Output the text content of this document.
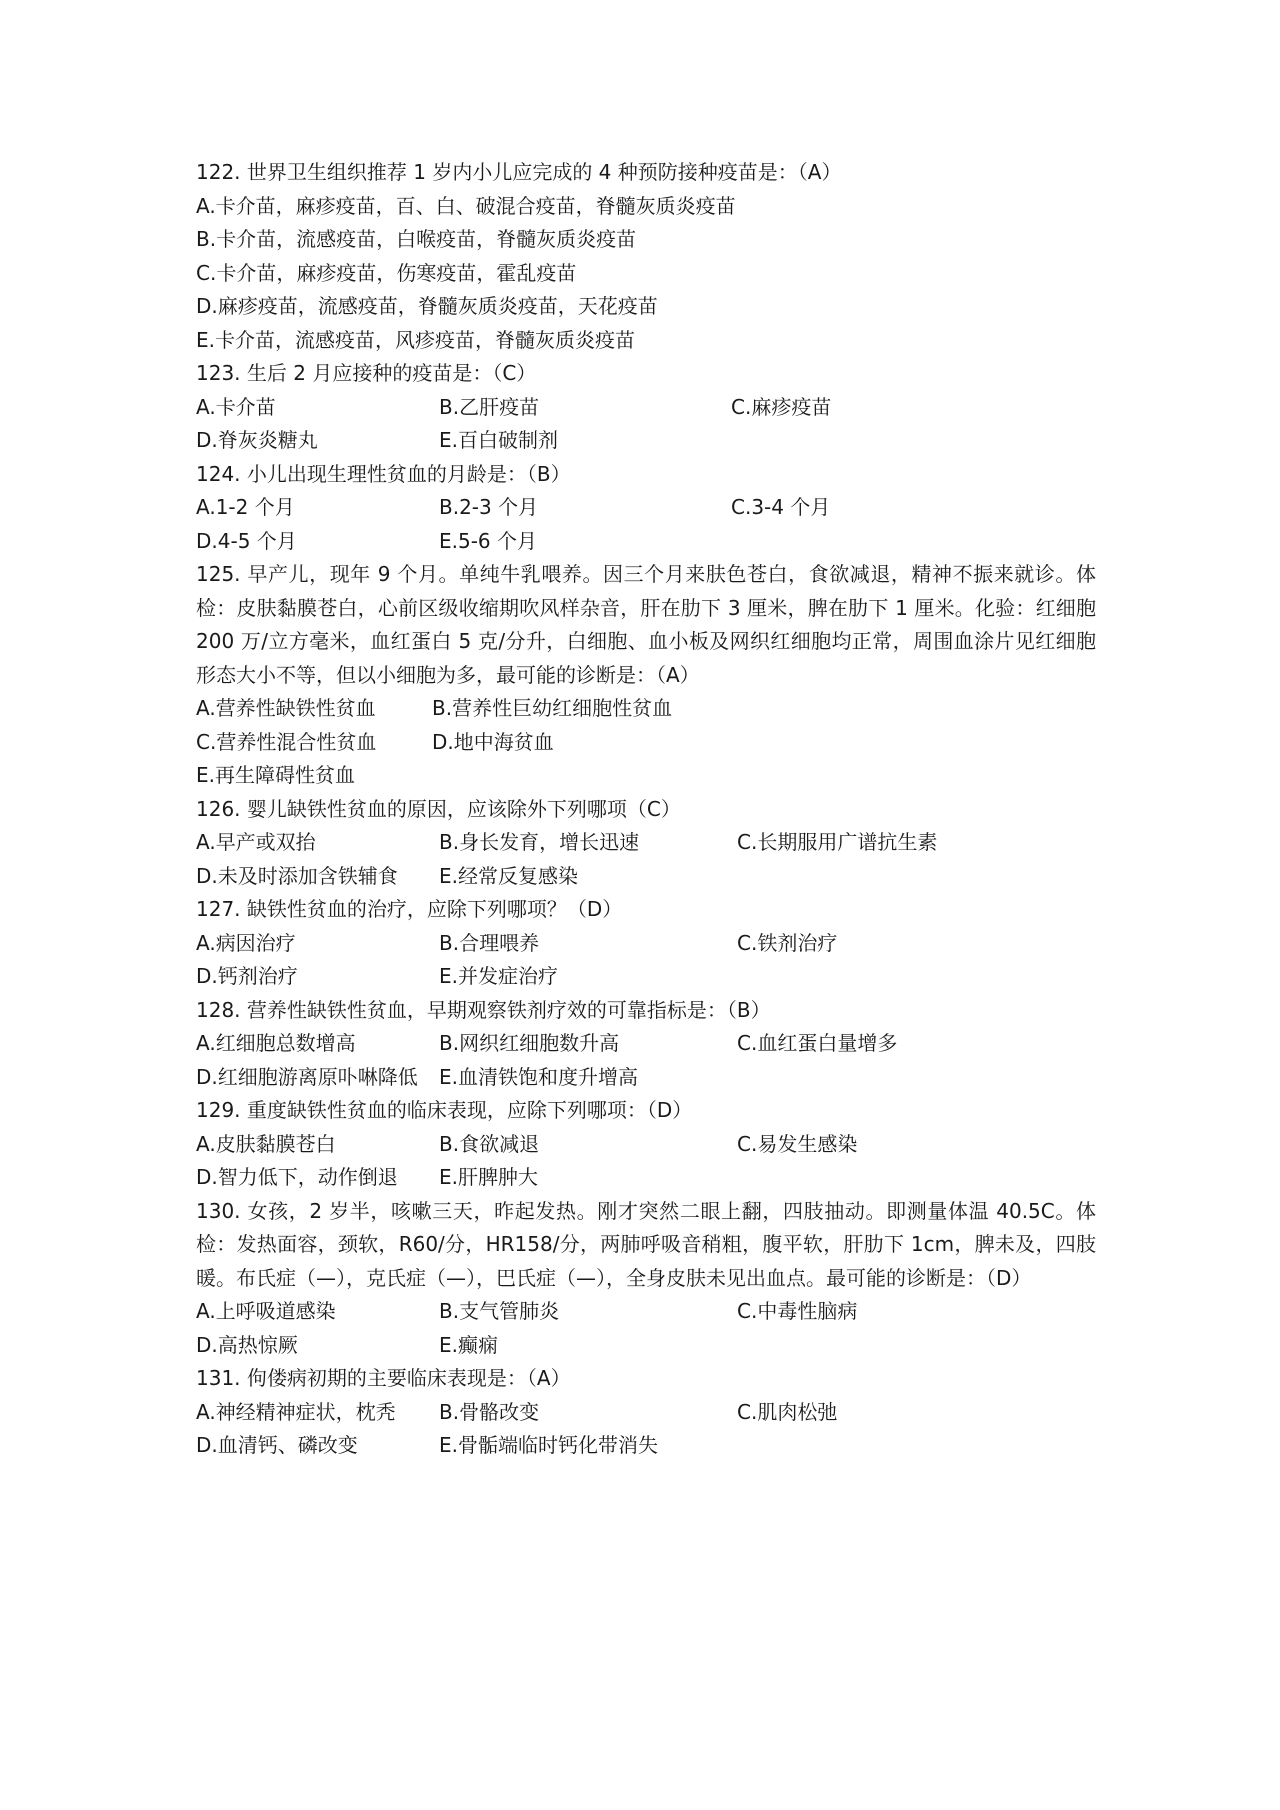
122. 世界卫生组织推荐 1 岁内小儿应完成的 4 种预防接种疫苗是：（A）
A.卡介苗，麻疹疫苗，百、白、破混合疫苗，脊髓灰质炎疫苗
B.卡介苗，流感疫苗，白喉疫苗，脊髓灰质炎疫苗
C.卡介苗，麻疹疫苗，伤寒疫苗，霍乱疫苗
D.麻疹疫苗，流感疫苗，脊髓灰质炎疫苗，天花疫苗
E.卡介苗，流感疫苗，风疹疫苗，脊髓灰质炎疫苗
123. 生后 2 月应接种的疫苗是：（C）
A.卡介苗	B.乙肝疫苗	C.麻疹疫苗
D.脊灰炎糖丸	E.百白破制剂
124. 小儿出现生理性贫血的月龄是：（B）
A.1-2 个月	B.2-3 个月	C.3-4 个月
D.4-5 个月	E.5-6 个月

125. 早产儿，现年 9 个月。单纯牛乳喂养。因三个月来肤色苍白，食欲减退，精神不振来就诊。体检：皮肤黏膜苍白，心前区级收缩期吹风样杂音，肝在肋下 3 厘米，脾在肋下 1 厘米。化验：红细胞 200 万/立方毫米，血红蛋白 5 克/分升，白细胞、血小板及网织红细胞均正常，周围血涂片见红细胞形态大小不等，但以小细胞为多，最可能的诊断是：（A）

A.营养性缺铁性贫血	B.营养性巨幼红细胞性贫血
C.营养性混合性贫血	D.地中海贫血
E.再生障碍性贫血
126. 婴儿缺铁性贫血的原因，应该除外下列哪项（C）
A.早产或双抬	B.身长发育，增长迅速	C.长期服用广谱抗生素
D.未及时添加含铁辅食 E.经常反复感染
127. 缺铁性贫血的治疗，应除下列哪项？（D）
A.病因治疗	B.合理喂养	C.铁剂治疗
D.钙剂治疗	E.并发症治疗
128. 营养性缺铁性贫血，早期观察铁剂疗效的可靠指标是：（B）
A.红细胞总数增高	B.网织红细胞数升高	C.血红蛋白量增多
D.红细胞游离原卟啉降低 E.血清铁饱和度升增高
129. 重度缺铁性贫血的临床表现，应除下列哪项：（D）
A.皮肤黏膜苍白	B.食欲减退	C.易发生感染
D.智力低下，动作倒退 E.肝脾肿大

130. 女孩，2 岁半，咳嗽三天，昨起发热。刚才突然二眼上翻，四肢抽动。即测量体温 40.5C。体检：发热面容，颈软，R60/分，HR158/分，两肺呼吸音稍粗，腹平软，肝肋下 1cm，脾未及，四肢暖。布氏症（—），克氏症（—），巴氏症（—），全身皮肤未见出血点。最可能的诊断是：（D）

A.上呼吸道感染	B.支气管肺炎	C.中毒性脑病
D.高热惊厥	E.癫痫
131. 佝偻病初期的主要临床表现是：（A）
A.神经精神症状，枕秃 B.骨骼改变	C.肌肉松弛
D.血清钙、磷改变	E.骨骺端临时钙化带消失
